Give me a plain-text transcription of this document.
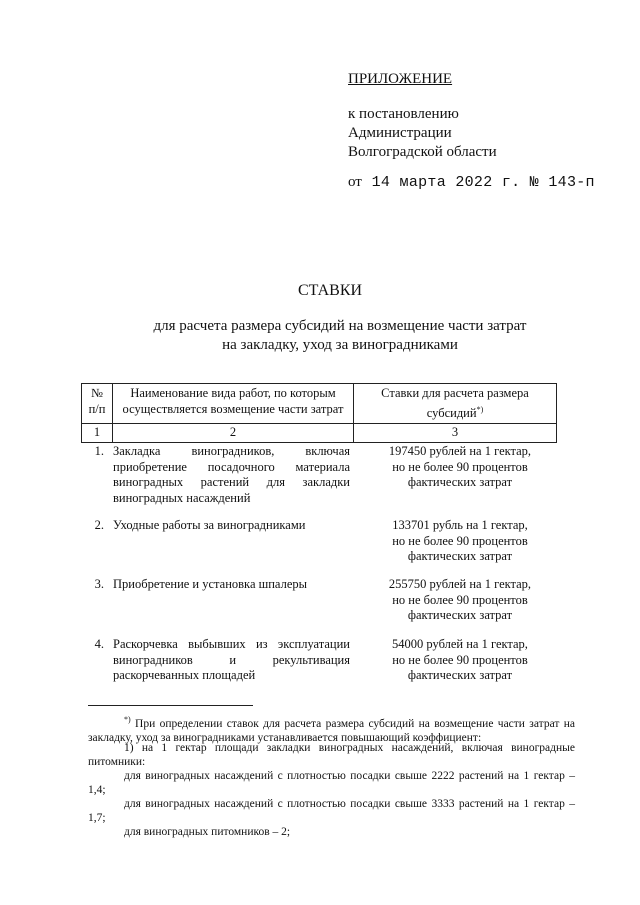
ПРИЛОЖЕНИЕ
к постановлению
Администрации
Волгоградской области
от 14 марта 2022 г. № 143-п
СТАВКИ
для расчета размера субсидий на возмещение части затрат
на закладку, уход за виноградниками
№
п/п	Наименование вида работ, по которым осуществляется возмещение части затрат	Ставки для расчета размера субсидий*)
1	2	3
1. Закладка виноградников, включая приобретение посадочного материала виноградных растений для закладки виноградных насаждений
197450 рублей на 1 гектар,
но не более 90 процентов
фактических затрат
2. Уходные работы за виноградниками	133701 рубль на 1 гектар,
но не более 90 процентов
фактических затрат
3. Приобретение и установка шпалеры	255750 рублей на 1 гектар,
но не более 90 процентов
фактических затрат
4. Раскорчевка выбывших из эксплуатации виноградников и рекультивация раскорчеванных площадей
54000 рублей на 1 гектар,
но не более 90 процентов
фактических затрат
*) При определении ставок для расчета размера субсидий на возмещение части затрат на закладку, уход за виноградниками устанавливается повышающий коэффициент:
1) на 1 гектар площади закладки виноградных насаждений, включая виноградные питомники:
для виноградных насаждений с плотностью посадки свыше 2222 растений на 1 гектар – 1,4;
для виноградных насаждений с плотностью посадки свыше 3333 растений на 1 гектар – 1,7;
для виноградных питомников – 2;
